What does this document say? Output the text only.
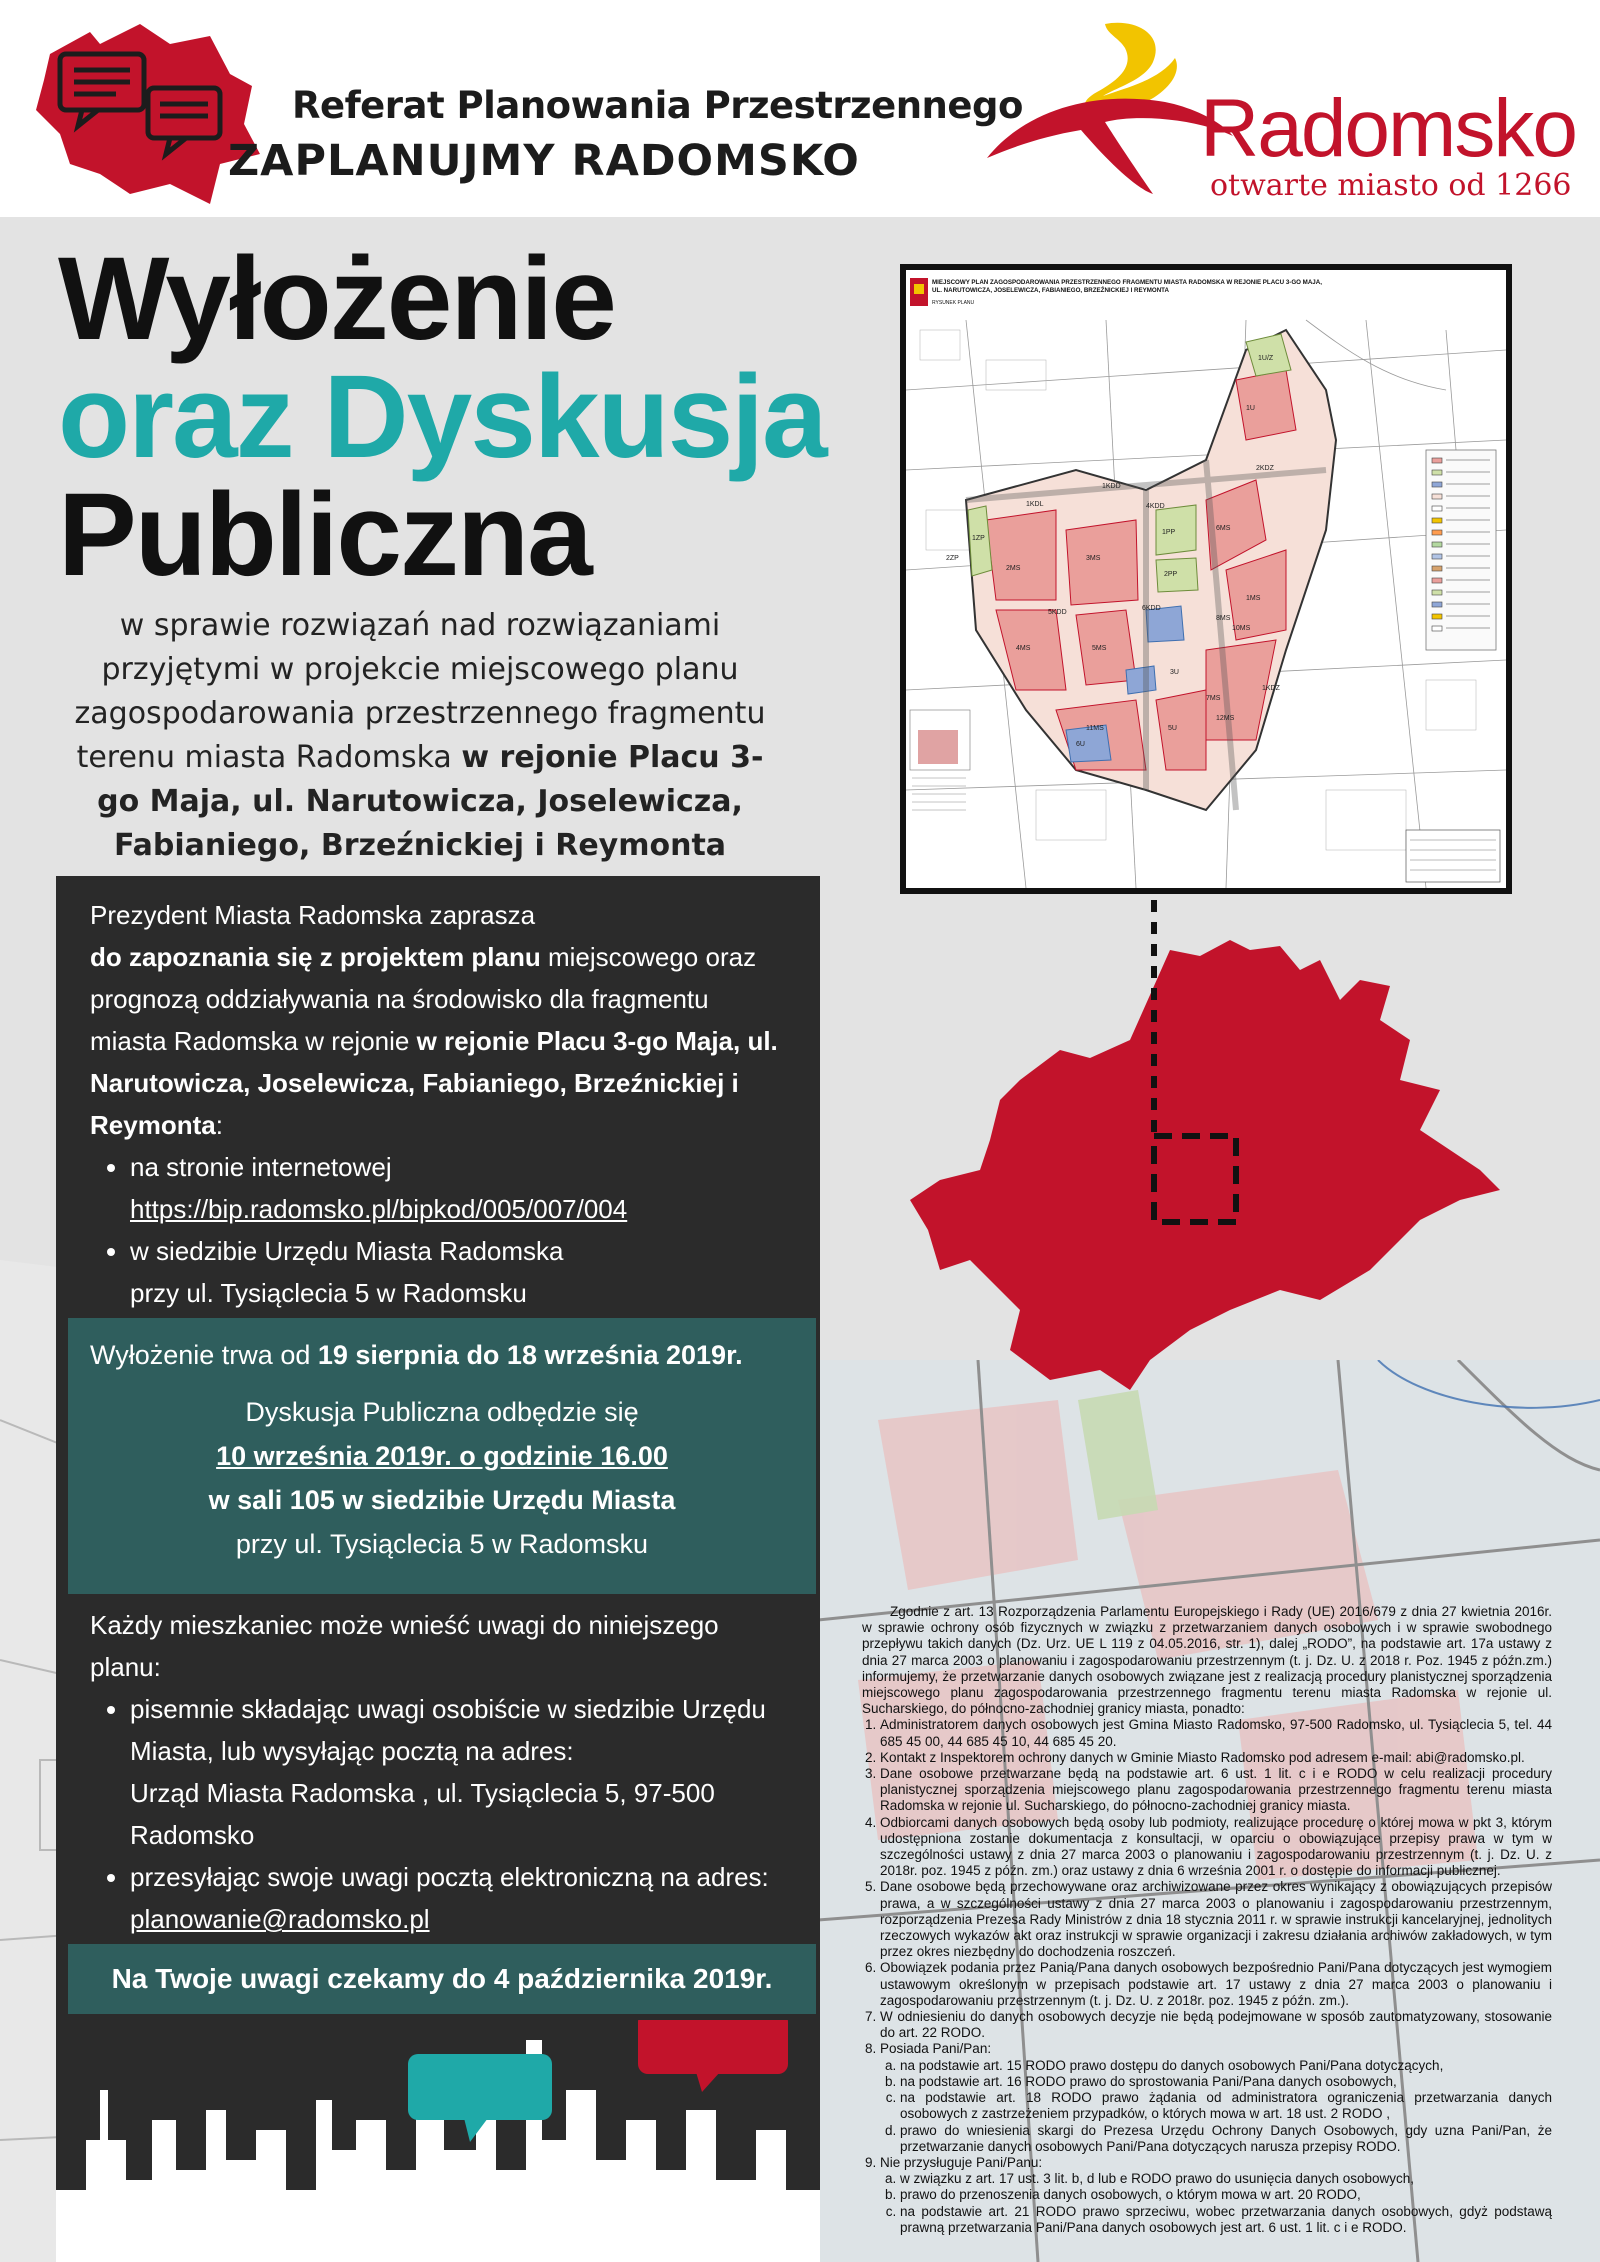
Referat Planowania Przestrzennego
ZAPLANUJMY RADOMSKO	Radomsko
otwarte miasto od 1266
Wyłożenie
oraz Dyskusja
Publiczna
w sprawie rozwiązań nad rozwiązaniami przyjętymi w projekcie miejscowego planu zagospodarowania przestrzennego fragmentu terenu miasta Radomska w rejonie Placu 3-go Maja, ul. Narutowicza, Joselewicza, Fabianiego, Brzeźnickiej i Reymonta
Prezydent Miasta Radomska zaprasza
do zapoznania się z projektem planu miejscowego oraz prognozą oddziaływania na środowisko dla fragmentu miasta Radomska w rejonie w rejonie Placu 3-go Maja, ul. Narutowicza, Joselewicza, Fabianiego, Brzeźnickiej i Reymonta:
• na stronie internetowej
https://bip.radomsko.pl/bipkod/005/007/004
• w siedzibie Urzędu Miasta Radomska
przy ul. Tysiąclecia 5 w Radomsku
Każdy mieszkaniec może wnieść uwagi do niniejszego planu:
• pisemnie składając uwagi osobiście w siedzibie Urzędu Miasta, lub wysyłając pocztą na adres:
Urząd Miasta Radomska , ul. Tysiąclecia 5, 97-500 Radomsko
• przesyłając swoje uwagi pocztą elektroniczną na adres: planowanie@radomsko.pl
Wyłożenie trwa od 19 sierpnia do 18 września 2019r.
Dyskusja Publiczna odbędzie się
10 września 2019r. o godzinie 16.00
w sali 105 w siedzibie Urzędu Miasta
przy ul. Tysiąclecia 5 w Radomsku
Na Twoje uwagi czekamy do 4 października 2019r.
MIEJSCOWY PLAN ZAGOSPODAROWANIA PRZESTRZENNEGO FRAGMENTU MIASTA RADOMSKA W REJONIE PLACU 3-GO MAJA,
UL. NARUTOWICZA, JOSELEWICZA, FABIANIEGO, BRZEŹNICKIEJ I REYMONTA
RYSUNEK PLANU
1U/Z
1ZP
2ZP
1PP
2PP
1U
3U
5U
6U
1MS
2MS
3MS
4MS	5MS
6MS
7MS
8MS
10MS
11MS
12MS
1KDD
2KDZ
4KDD
5KDD
6KDD
1KDL
1KDZ

Zgodnie z art. 13 Rozporządzenia Parlamentu Europejskiego i Rady (UE) 2016/679 z dnia 27 kwietnia 2016r. w sprawie ochrony osób fizycznych w związku z przetwarzaniem danych osobowych i w sprawie swobodnego przepływu takich danych (Dz. Urz. UE L 119 z 04.05.2016, str. 1), dalej „RODO”, na podstawie art. 17a ustawy z dnia 27 marca 2003 o planowaniu i zagospodarowaniu przestrzennym (t. j. Dz. U. z 2018 r. Poz. 1945 z późn.zm.) informujemy, że przetwarzanie danych osobowych związane jest z realizacją procedury planistycznej sporządzenia miejscowego planu zagospodarowania przestrzennego fragmentu terenu miasta Radomska w rejonie ul. Sucharskiego, do północno-zachodniej granicy miasta, ponadto:

1. Administratorem danych osobowych jest Gmina Miasto Radomsko, 97-500 Radomsko, ul. Tysiąclecia 5, tel. 44 685 45 00, 44 685 45 10, 44 685 45 20.
2. Kontakt z Inspektorem ochrony danych w Gminie Miasto Radomsko pod adresem e-mail: abi@radomsko.pl.
3. Dane osobowe przetwarzane będą na podstawie art. 6 ust. 1 lit. c i e RODO w celu realizacji procedury planistycznej sporządzenia miejscowego planu zagospodarowania przestrzennego fragmentu terenu miasta Radomska w rejonie ul. Sucharskiego, do północno-zachodniej granicy miasta.
4. Odbiorcami danych osobowych będą osoby lub podmioty, realizujące procedurę o której mowa w pkt 3, którym udostępniona zostanie dokumentacja z konsultacji, w oparciu o obowiązujące przepisy prawa w tym w szczególności ustawy z dnia 27 marca 2003 o planowaniu i zagospodarowaniu przestrzennym (t. j. Dz. U. z 2018r. poz. 1945 z późn. zm.) oraz ustawy z dnia 6 września 2001 r. o dostępie do informacji publicznej.
5. Dane osobowe będą przechowywane oraz archiwizowane przez okres wynikający z obowiązujących przepisów prawa, a w szczególności ustawy z dnia 27 marca 2003 o planowaniu i zagospodarowaniu przestrzennym, rozporządzenia Prezesa Rady Ministrów z dnia 18 stycznia 2011 r. w sprawie instrukcji kancelaryjnej, jednolitych rzeczowych wykazów akt oraz instrukcji w sprawie organizacji i zakresu działania archiwów zakładowych, w tym przez okres niezbędny do dochodzenia roszczeń.
6. Obowiązek podania przez Panią/Pana danych osobowych bezpośrednio Pani/Pana dotyczących jest wymogiem ustawowym określonym w przepisach podstawie art. 17 ustawy z dnia 27 marca 2003 o planowaniu i zagospodarowaniu przestrzennym (t. j. Dz. U. z 2018r. poz. 1945 z późn. zm.).
7. W odniesieniu do danych osobowych decyzje nie będą podejmowane w sposób zautomatyzowany, stosowanie do art. 22 RODO.
8. Posiada Pani/Pan:
a. na podstawie art. 15 RODO prawo dostępu do danych osobowych Pani/Pana dotyczących,
b. na podstawie art. 16 RODO prawo do sprostowania Pani/Pana danych osobowych,
c. na podstawie art. 18 RODO prawo żądania od administratora ograniczenia przetwarzania danych osobowych z zastrzeżeniem przypadków, o których mowa w art. 18 ust. 2 RODO ,
d. prawo do wniesienia skargi do Prezesa Urzędu Ochrony Danych Osobowych, gdy uzna Pani/Pan, że przetwarzanie danych osobowych Pani/Pana dotyczących narusza przepisy RODO.
9. Nie przysługuje Pani/Panu:
a. w związku z art. 17 ust. 3 lit. b, d lub e RODO prawo do usunięcia danych osobowych,
b. prawo do przenoszenia danych osobowych, o którym mowa w art. 20 RODO,
c. na podstawie art. 21 RODO prawo sprzeciwu, wobec przetwarzania danych osobowych, gdyż podstawą prawną przetwarzania Pani/Pana danych osobowych jest art. 6 ust. 1 lit. c i e RODO.
